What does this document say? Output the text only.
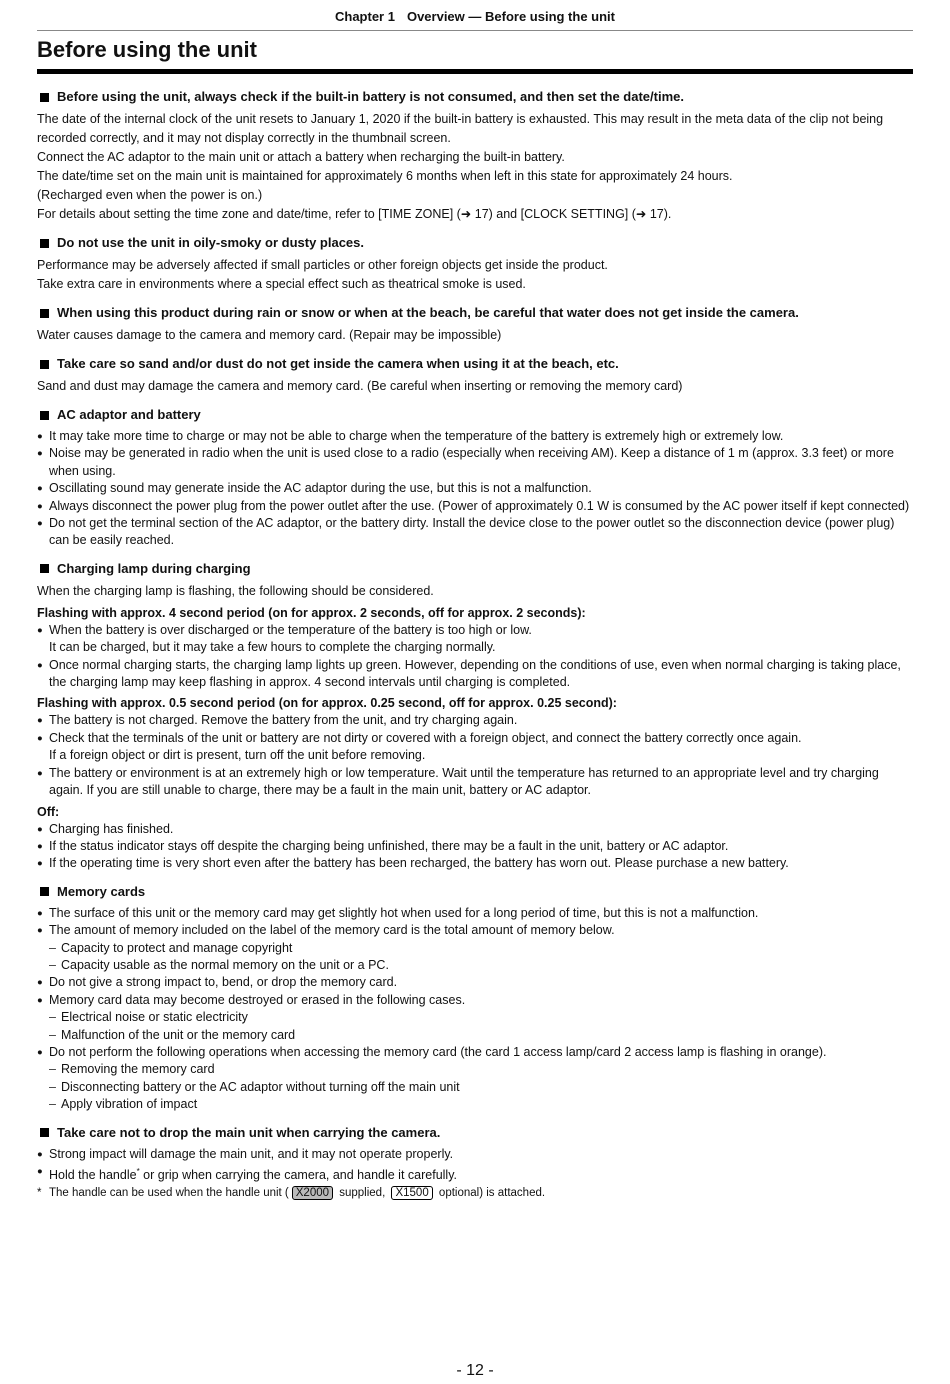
Chapter 1 Overview — Before using the unit
Before using the unit
Before using the unit, always check if the built-in battery is not consumed, and then set the date/time.
The date of the internal clock of the unit resets to January 1, 2020 if the built-in battery is exhausted. This may result in the meta data of the clip not being recorded correctly, and it may not display correctly in the thumbnail screen.
Connect the AC adaptor to the main unit or attach a battery when recharging the built-in battery.
The date/time set on the main unit is maintained for approximately 6 months when left in this state for approximately 24 hours.
(Recharged even when the power is on.)
For details about setting the time zone and date/time, refer to [TIME ZONE] (➜ 17) and [CLOCK SETTING] (➜ 17).
Do not use the unit in oily-smoky or dusty places.
Performance may be adversely affected if small particles or other foreign objects get inside the product.
Take extra care in environments where a special effect such as theatrical smoke is used.
When using this product during rain or snow or when at the beach, be careful that water does not get inside the camera.
Water causes damage to the camera and memory card. (Repair may be impossible)
Take care so sand and/or dust do not get inside the camera when using it at the beach, etc.
Sand and dust may damage the camera and memory card. (Be careful when inserting or removing the memory card)
AC adaptor and battery
● It may take more time to charge or may not be able to charge when the temperature of the battery is extremely high or extremely low.
● Noise may be generated in radio when the unit is used close to a radio (especially when receiving AM). Keep a distance of 1 m (approx. 3.3 feet) or more when using.
● Oscillating sound may generate inside the AC adaptor during the use, but this is not a malfunction.
● Always disconnect the power plug from the power outlet after the use. (Power of approximately 0.1 W is consumed by the AC power itself if kept connected)
● Do not get the terminal section of the AC adaptor, or the battery dirty. Install the device close to the power outlet so the disconnection device (power plug) can be easily reached.
Charging lamp during charging
When the charging lamp is flashing, the following should be considered.
Flashing with approx. 4 second period (on for approx. 2 seconds, off for approx. 2 seconds):
● When the battery is over discharged or the temperature of the battery is too high or low.
It can be charged, but it may take a few hours to complete the charging normally.
● Once normal charging starts, the charging lamp lights up green. However, depending on the conditions of use, even when normal charging is taking place, the charging lamp may keep flashing in approx. 4 second intervals until charging is completed.
Flashing with approx. 0.5 second period (on for approx. 0.25 second, off for approx. 0.25 second):
● The battery is not charged. Remove the battery from the unit, and try charging again.
● Check that the terminals of the unit or battery are not dirty or covered with a foreign object, and connect the battery correctly once again.
If a foreign object or dirt is present, turn off the unit before removing.
● The battery or environment is at an extremely high or low temperature. Wait until the temperature has returned to an appropriate level and try charging again. If you are still unable to charge, there may be a fault in the main unit, battery or AC adaptor.
Off:
● Charging has finished.
● If the status indicator stays off despite the charging being unfinished, there may be a fault in the unit, battery or AC adaptor.
● If the operating time is very short even after the battery has been recharged, the battery has worn out. Please purchase a new battery.
Memory cards
● The surface of this unit or the memory card may get slightly hot when used for a long period of time, but this is not a malfunction.
● The amount of memory included on the label of the memory card is the total amount of memory below.
– Capacity to protect and manage copyright
– Capacity usable as the normal memory on the unit or a PC.
● Do not give a strong impact to, bend, or drop the memory card.
● Memory card data may become destroyed or erased in the following cases.
– Electrical noise or static electricity
– Malfunction of the unit or the memory card
● Do not perform the following operations when accessing the memory card (the card 1 access lamp/card 2 access lamp is flashing in orange).
– Removing the memory card
– Disconnecting battery or the AC adaptor without turning off the main unit
– Apply vibration of impact
Take care not to drop the main unit when carrying the camera.
● Strong impact will damage the main unit, and it may not operate properly.
● Hold the handle* or grip when carrying the camera, and handle it carefully.
* The handle can be used when the handle unit ( X2000 supplied, X1500 optional) is attached.
- 12 -
